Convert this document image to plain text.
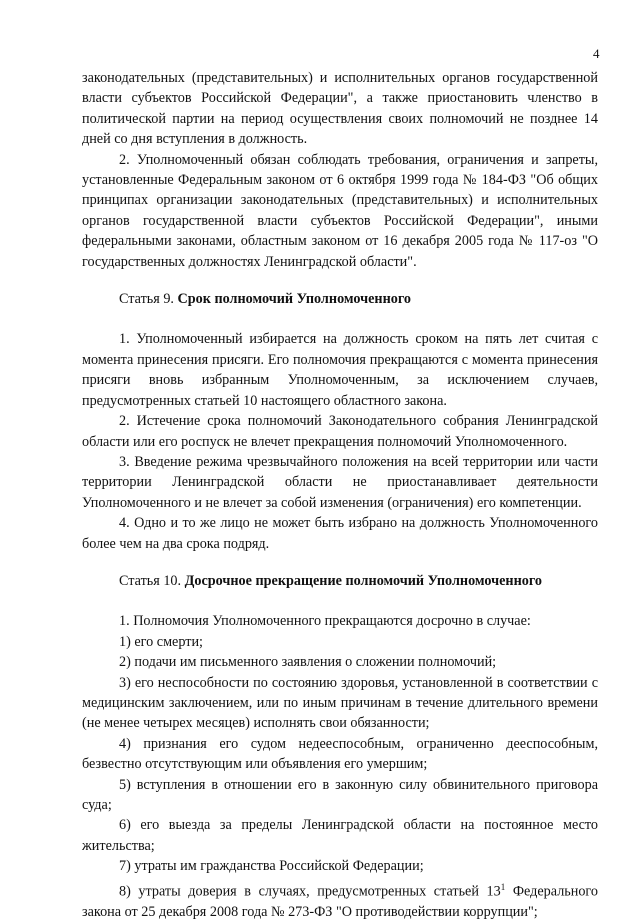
4

законодательных (представительных) и исполнительных органов государственной власти субъектов Российской Федерации", а также приостановить членство в политической партии на период осуществления своих полномочий не позднее 14 дней со дня вступления в должность.

2. Уполномоченный обязан соблюдать требования, ограничения и запреты, установленные Федеральным законом от 6 октября 1999 года № 184-ФЗ "Об общих принципах организации законодательных (представительных) и исполнительных органов государственной власти субъектов Российской Федерации", иными федеральными законами, областным законом от 16 декабря 2005 года № 117-оз "О государственных должностях Ленинградской области".

Статья 9. Срок полномочий Уполномоченного

1. Уполномоченный избирается на должность сроком на пять лет считая с момента принесения присяги. Его полномочия прекращаются с момента принесения присяги вновь избранным Уполномоченным, за исключением случаев, предусмотренных статьей 10 настоящего областного закона.

2. Истечение срока полномочий Законодательного собрания Ленинградской области или его роспуск не влечет прекращения полномочий Уполномоченного.

3. Введение режима чрезвычайного положения на всей территории или части территории Ленинградской области не приостанавливает деятельности Уполномоченного и не влечет за собой изменения (ограничения) его компетенции.

4. Одно и то же лицо не может быть избрано на должность Уполномоченного более чем на два срока подряд.

Статья 10. Досрочное прекращение полномочий Уполномоченного

1. Полномочия Уполномоченного прекращаются досрочно в случае:

1) его смерти;

2) подачи им письменного заявления о сложении полномочий;

3) его неспособности по состоянию здоровья, установленной в соответствии с медицинским заключением, или по иным причинам в течение длительного времени (не менее четырех месяцев) исполнять свои обязанности;

4) признания его судом недееспособным, ограниченно дееспособным, безвестно отсутствующим или объявления его умершим;

5) вступления в отношении его в законную силу обвинительного приговора суда;

6) его выезда за пределы Ленинградской области на постоянное место жительства;

7) утраты им гражданства Российской Федерации;

8) утраты доверия в случаях, предусмотренных статьей $13^1$ Федерального закона от 25 декабря 2008 года № 273-ФЗ "О противодействии коррупции";
